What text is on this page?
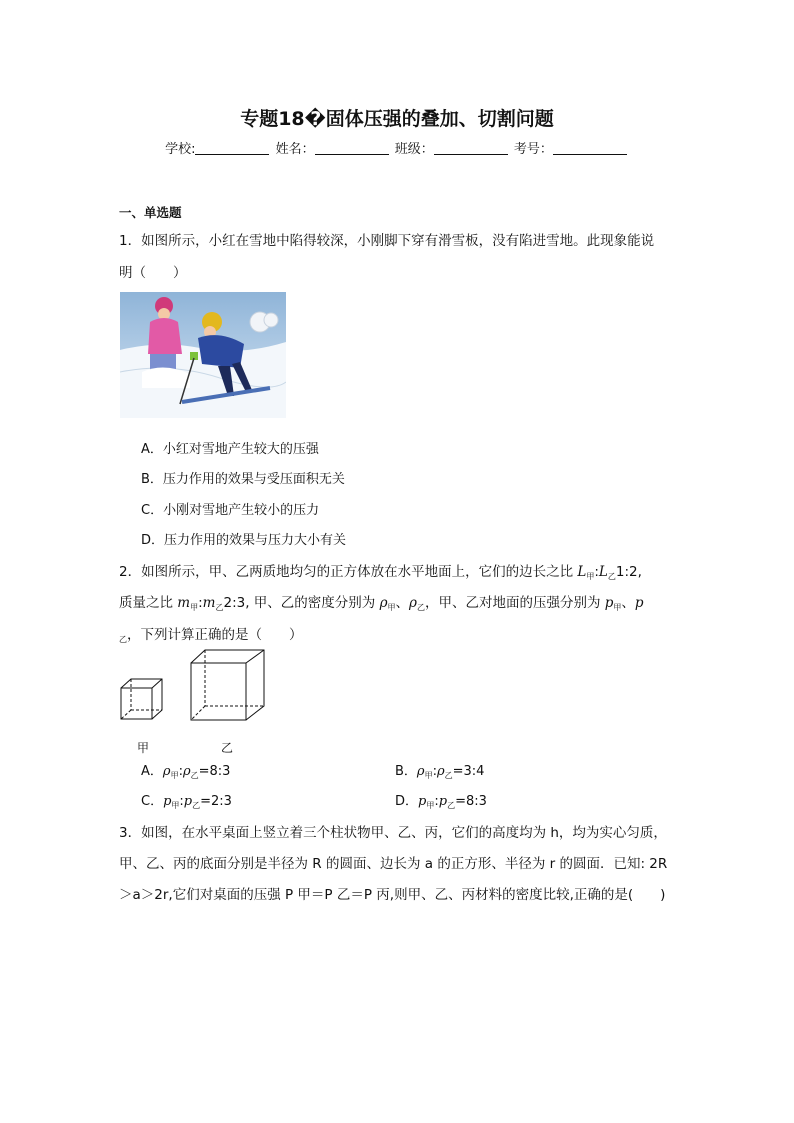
专题18�固体压强的叠加、切割问题
学校:	姓名：	班级：	考号：
一、单选题
1．如图所示，小红在雪地中陷得较深，小刚脚下穿有滑雪板，没有陷进雪地。此现象能说
明（　　）
A．小红对雪地产生较大的压强
B．压力作用的效果与受压面积无关
C．小刚对雪地产生较小的压力
D．压力作用的效果与压力大小有关
2．如图所示，甲、乙两质地均匀的正方体放在水平地面上，它们的边长之比 $L_甲:L_乙1:2$,
质量之比 $m_甲:m_乙2:3$, 甲、乙的密度分别为 $\rho_甲$、$\rho_乙$，甲、乙对地面的压强分别为 $p_甲$、p
$_乙$，下列计算正确的是（　　）
甲	乙
A．$\rho_甲:\rho_乙=8:3$	B．$\rho_甲:\rho_乙=3:4$
C．$p_甲:p_乙=2:3$	D．$p_甲:p_乙=8:3$
3．如图，在水平桌面上竖立着三个柱状物甲、乙、丙，它们的高度均为 h，均为实心匀质，
甲、乙、丙的底面分别是半径为 R 的圆面、边长为 a 的正方形、半径为 r 的圆面．已知: 2R
＞a＞2r,它们对桌面的压强 P 甲＝P 乙＝P 丙,则甲、乙、丙材料的密度比较,正确的是(　　)
